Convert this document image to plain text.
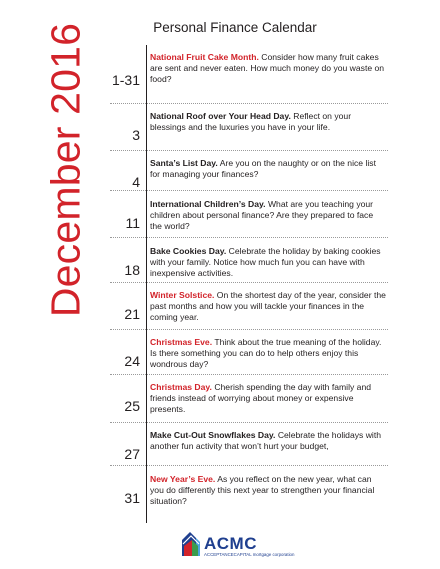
Personal Finance Calendar
December 2016	1-31
National Fruit Cake Month. Consider how many fruit cakes are sent and never eaten. How much money do you waste on food?
3
National Roof over Your Head Day. Reflect on your blessings and the luxuries you have in your life.
4
Santa’s List Day. Are you on the naughty or on the nice list for managing your finances?
11
International Children’s Day. What are you teaching your children about personal finance? Are they prepared to face the world?
18
Bake Cookies Day. Celebrate the holiday by baking cookies with your family. Notice how much fun you can have with inexpensive activities.
21
Winter Solstice. On the shortest day of the year, consider the past months and how you will tackle your finances in the coming year.
24
Christmas Eve. Think about the true meaning of the holiday. Is there something you can do to help others enjoy this wondrous day?
25
Christmas Day. Cherish spending the day with family and friends instead of worrying about money or expensive presents.
27
Make Cut-Out Snowflakes Day. Celebrate the holidays with another fun activity that won’t hurt your budget,
31
New Year’s Eve. As you reflect on the new year, what can you do differently this next year to strengthen your financial situation?
ACMC
ACCEPTANCECAPITAL mortgage corporation
